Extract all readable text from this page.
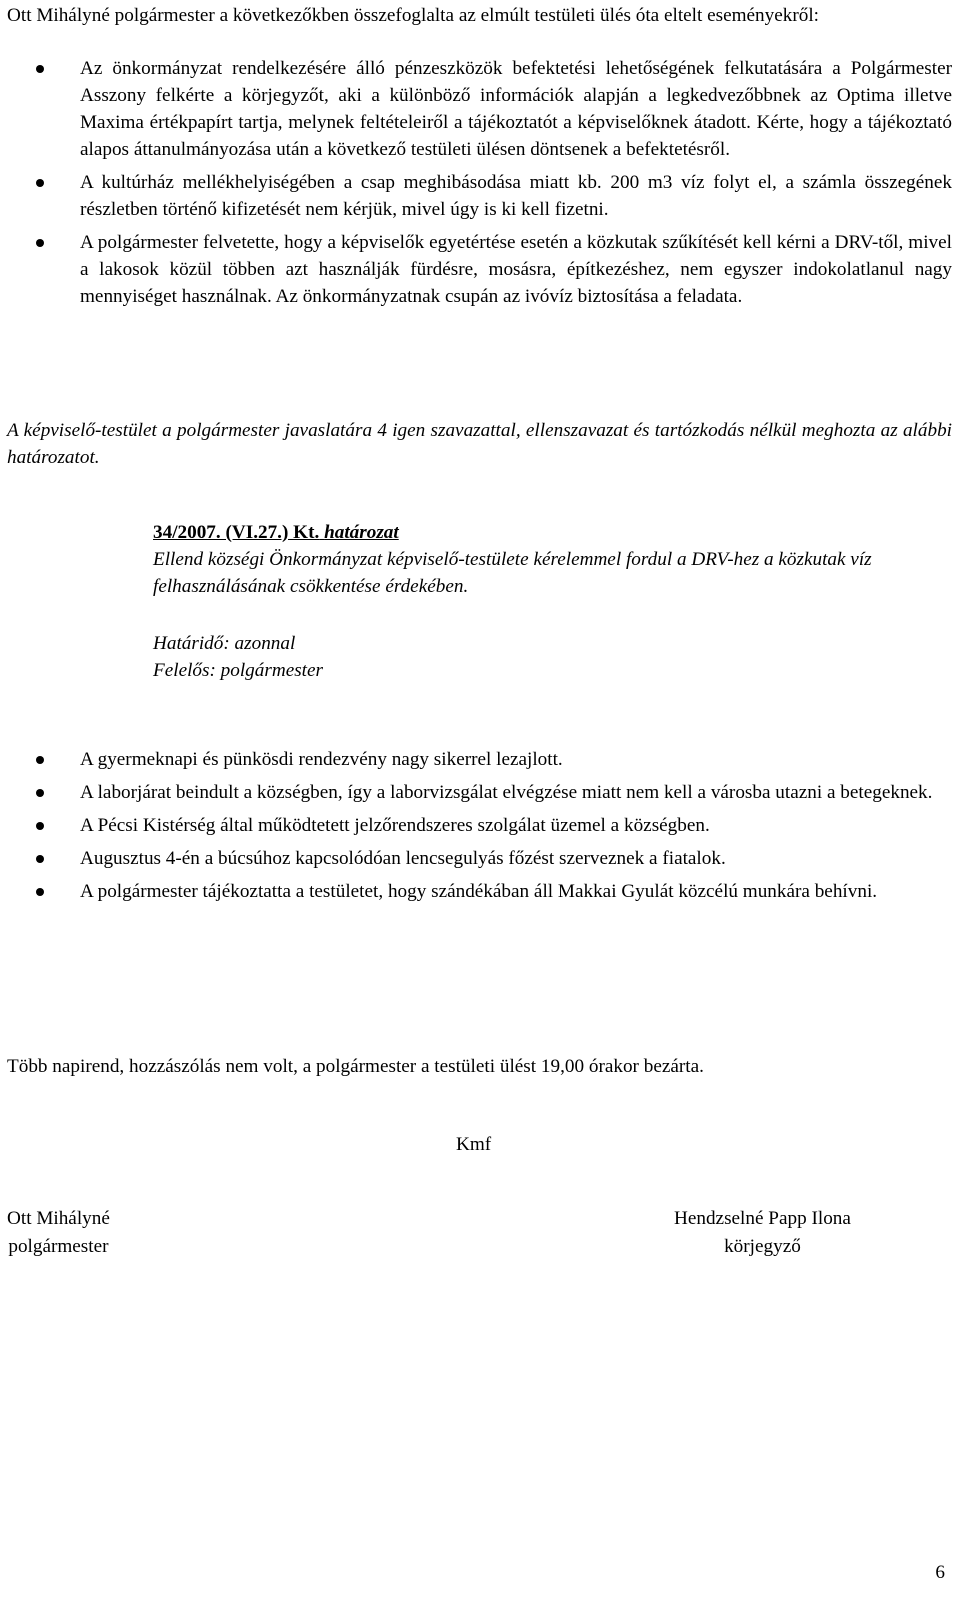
Ott Mihályné polgármester a következőkben összefoglalta az elmúlt testületi ülés óta eltelt eseményekről:

Az önkormányzat rendelkezésére álló pénzeszközök befektetési lehetőségének felkutatására a Polgármester Asszony felkérte a körjegyzőt, aki a különböző információk alapján a legkedvezőbbnek az Optima illetve Maxima értékpapírt tartja, melynek feltételeiről a tájékoztatót a képviselőknek átadott. Kérte, hogy a tájékoztató alapos áttanulmányozása után a következő testületi ülésen döntsenek a befektetésről.
A kultúrház mellékhelyiségében a csap meghibásodása miatt kb. 200 m3 víz folyt el, a számla összegének részletben történő kifizetését nem kérjük, mivel úgy is ki kell fizetni.
A polgármester felvetette, hogy a képviselők egyetértése esetén a közkutak szűkítését kell kérni a DRV-től, mivel a lakosok közül többen azt használják fürdésre, mosásra, építkezéshez, nem egyszer indokolatlanul nagy mennyiséget használnak. Az önkormányzatnak csupán az ivóvíz biztosítása a feladata.

A képviselő-testület a polgármester javaslatára 4 igen szavazattal, ellenszavazat és tartózkodás nélkül meghozta az alábbi határozatot.

34/2007. (VI.27.) Kt. határozat

Ellend községi Önkormányzat képviselő-testülete kérelemmel fordul a DRV-hez a közkutak víz felhasználásának csökkentése érdekében.

Határidő: azonnal

Felelős: polgármester

A gyermeknapi és pünkösdi rendezvény nagy sikerrel lezajlott.
A laborjárat beindult a községben, így a laborvizsgálat elvégzése miatt nem kell a városba utazni a betegeknek.
A Pécsi Kistérség által működtetett jelzőrendszeres szolgálat üzemel a községben.
Augusztus 4-én a búcsúhoz kapcsolódóan lencsegulyás főzést szerveznek a fiatalok.
A polgármester tájékoztatta a testületet, hogy szándékában áll Makkai Gyulát közcélú munkára behívni.

Több napirend, hozzászólás nem volt, a polgármester a testületi ülést 19,00 órakor bezárta.

Kmf

Ott Mihályné

polgármester

Hendzselné Papp Ilona

körjegyző

6
